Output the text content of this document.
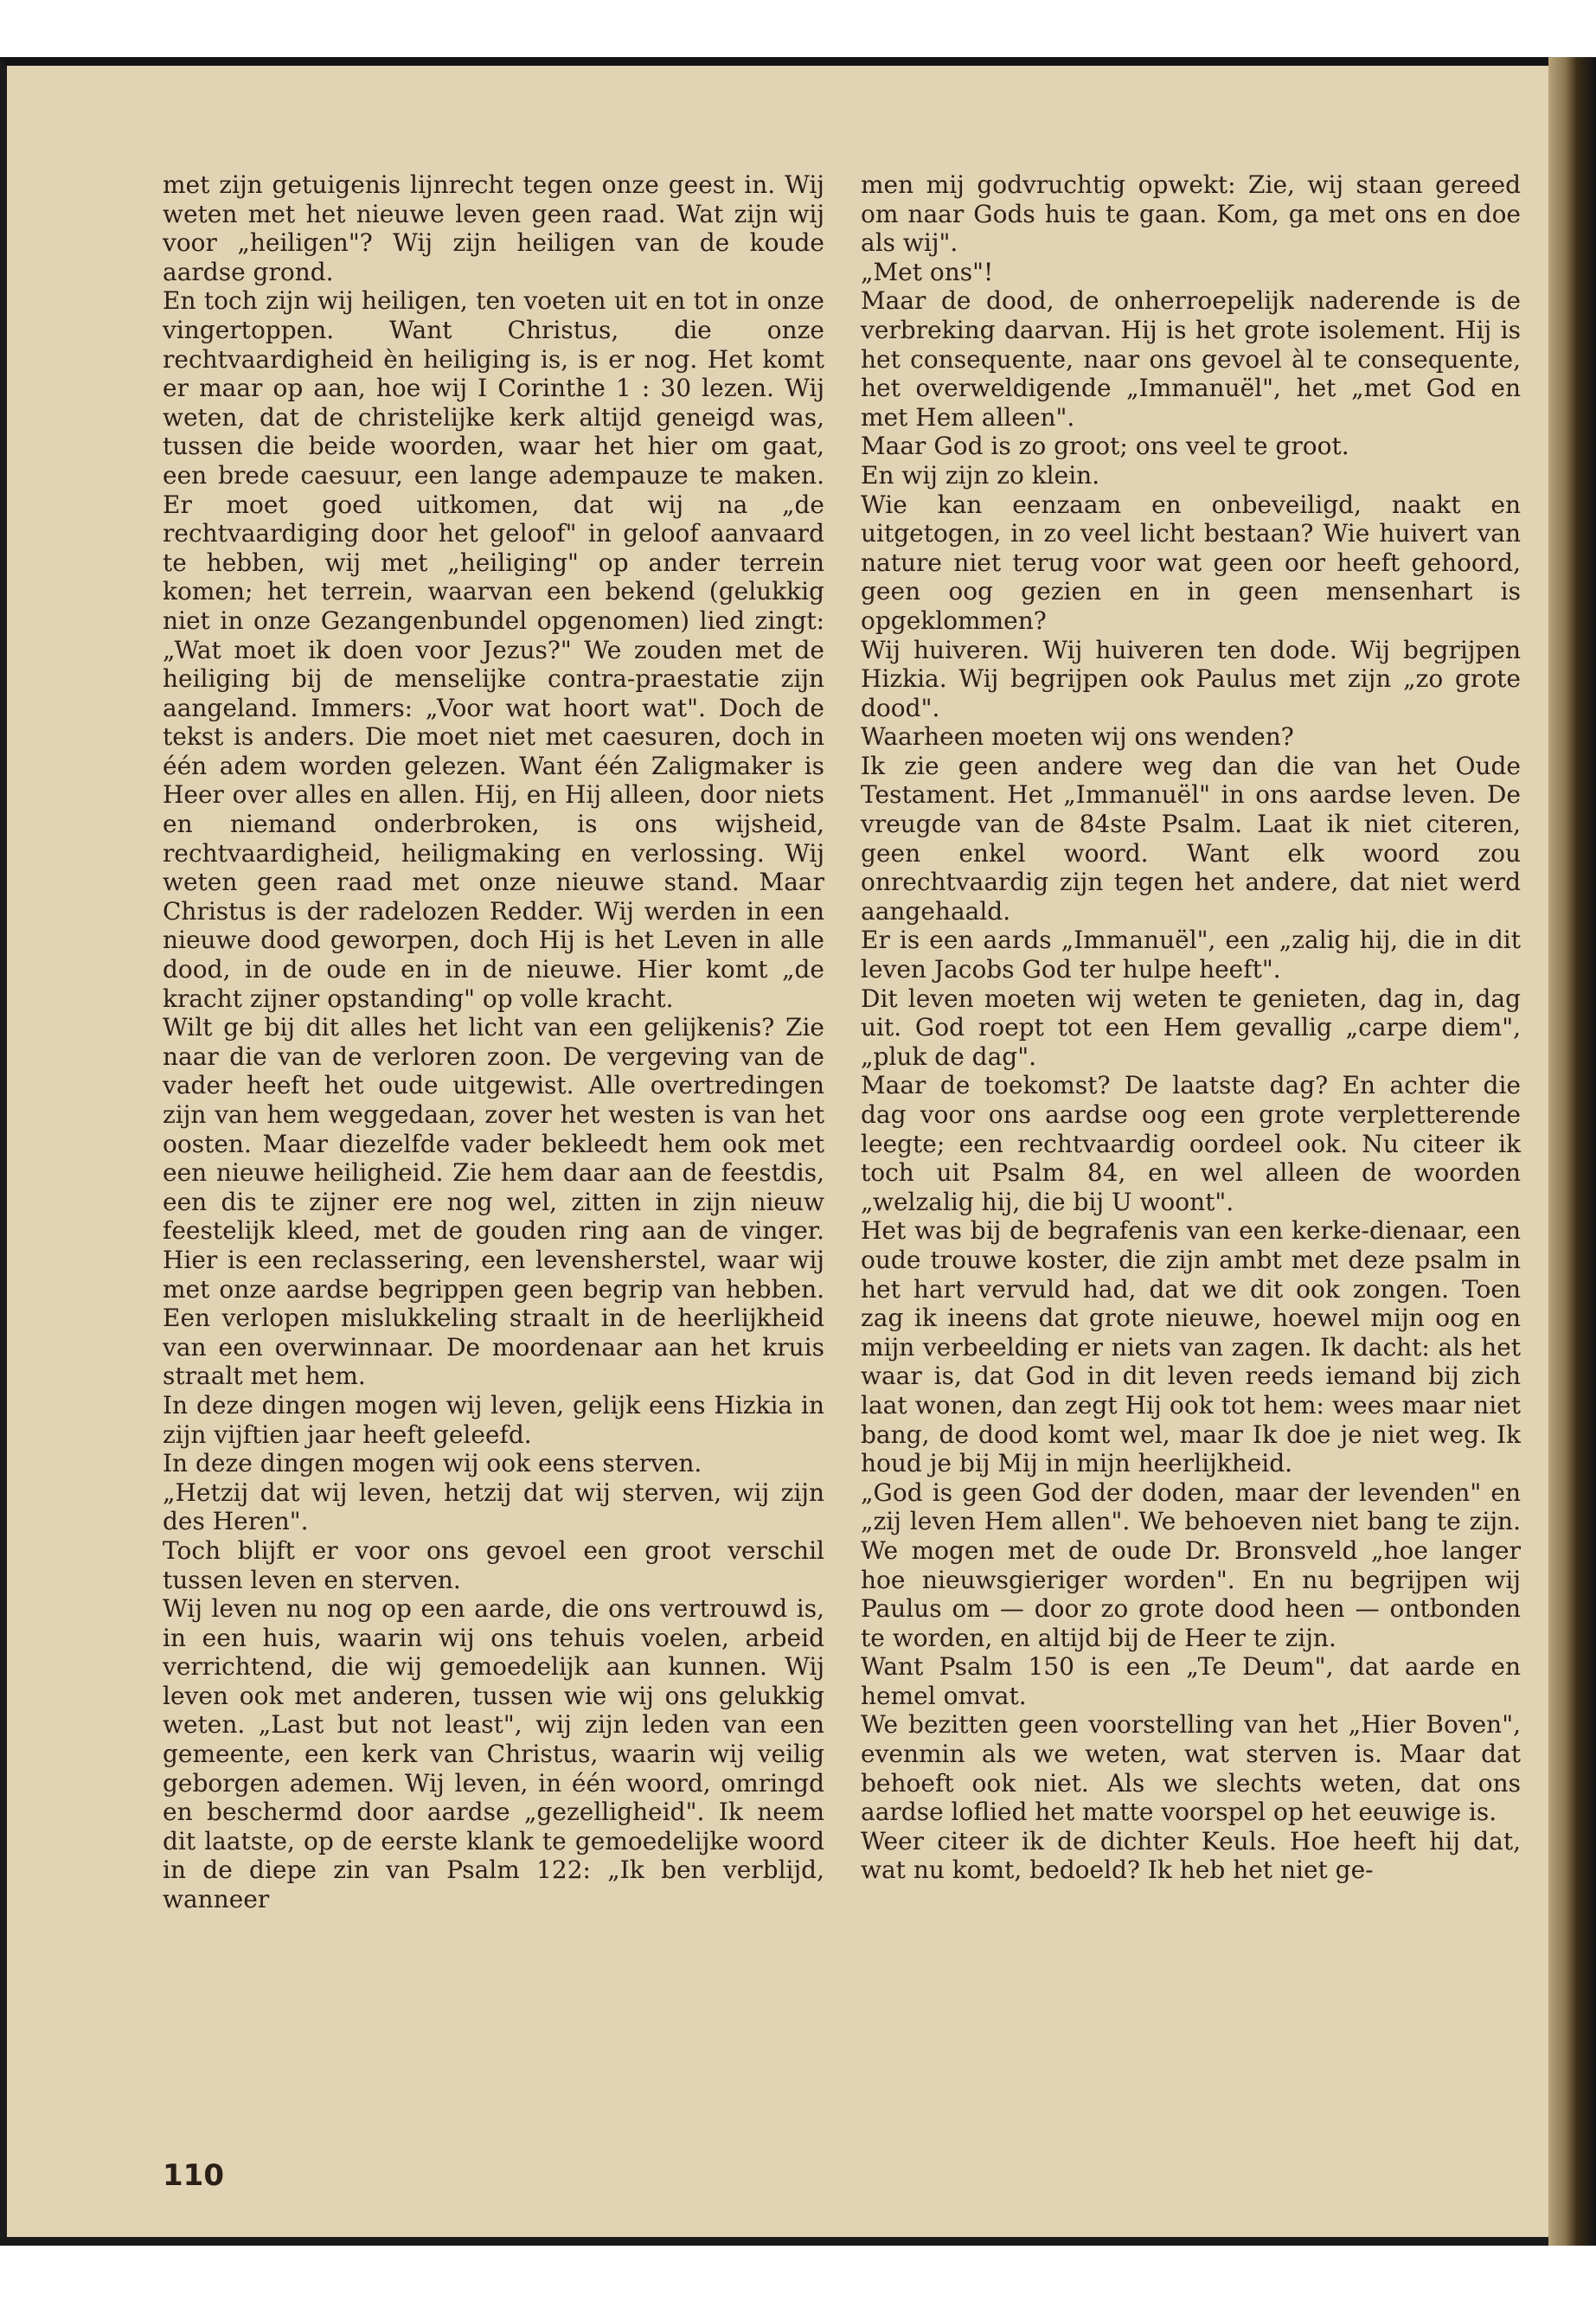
met zijn getuigenis lijnrecht tegen onze geest in. Wij weten met het nieuwe leven geen raad. Wat zijn wij voor „heiligen"? Wij zijn heiligen van de koude aardse grond.

En toch zijn wij heiligen, ten voeten uit en tot in onze vingertoppen. Want Christus, die onze rechtvaardigheid èn heiliging is, is er nog. Het komt er maar op aan, hoe wij I Corinthe 1 : 30 lezen. Wij weten, dat de christelijke kerk altijd geneigd was, tussen die beide woorden, waar het hier om gaat, een brede caesuur, een lange adempauze te maken. Er moet goed uitkomen, dat wij na „de rechtvaardiging door het geloof" in geloof aanvaard te hebben, wij met „heiliging" op ander terrein komen; het terrein, waarvan een bekend (gelukkig niet in onze Gezangenbundel opgenomen) lied zingt: „Wat moet ik doen voor Jezus?" We zouden met de heiliging bij de menselijke contra-praestatie zijn aangeland. Immers: „Voor wat hoort wat". Doch de tekst is anders. Die moet niet met caesuren, doch in één adem worden gelezen. Want één Zaligmaker is Heer over alles en allen. Hij, en Hij alleen, door niets en niemand onderbroken, is ons wijsheid, rechtvaardigheid, heiligmaking en verlossing. Wij weten geen raad met onze nieuwe stand. Maar Christus is der radelozen Redder. Wij werden in een nieuwe dood geworpen, doch Hij is het Leven in alle dood, in de oude en in de nieuwe. Hier komt „de kracht zijner opstanding" op volle kracht.

Wilt ge bij dit alles het licht van een gelijkenis? Zie naar die van de verloren zoon. De vergeving van de vader heeft het oude uitgewist. Alle overtredingen zijn van hem weggedaan, zover het westen is van het oosten. Maar diezelfde vader bekleedt hem ook met een nieuwe heiligheid. Zie hem daar aan de feestdis, een dis te zijner ere nog wel, zitten in zijn nieuw feestelijk kleed, met de gouden ring aan de vinger. Hier is een reclassering, een levensherstel, waar wij met onze aardse begrippen geen begrip van hebben. Een verlopen mislukkeling straalt in de heerlijkheid van een overwinnaar. De moordenaar aan het kruis straalt met hem.

In deze dingen mogen wij leven, gelijk eens Hizkia in zijn vijftien jaar heeft geleefd.

In deze dingen mogen wij ook eens sterven.

„Hetzij dat wij leven, hetzij dat wij sterven, wij zijn des Heren".

Toch blijft er voor ons gevoel een groot verschil tussen leven en sterven.

Wij leven nu nog op een aarde, die ons vertrouwd is, in een huis, waarin wij ons tehuis voelen, arbeid verrichtend, die wij gemoedelijk aan kunnen. Wij leven ook met anderen, tussen wie wij ons gelukkig weten. „Last but not least", wij zijn leden van een gemeente, een kerk van Christus, waarin wij veilig geborgen ademen. Wij leven, in één woord, omringd en beschermd door aardse „gezelligheid". Ik neem dit laatste, op de eerste klank te gemoedelijke woord in de diepe zin van Psalm 122: „Ik ben verblijd, wanneer

men mij godvruchtig opwekt: Zie, wij staan gereed om naar Gods huis te gaan. Kom, ga met ons en doe als wij".

„Met ons"!

Maar de dood, de onherroepelijk naderende is de verbreking daarvan. Hij is het grote isolement. Hij is het consequente, naar ons gevoel àl te consequente, het overweldigende „Immanuël", het „met God en met Hem alleen".

Maar God is zo groot; ons veel te groot.

En wij zijn zo klein.

Wie kan eenzaam en onbeveiligd, naakt en uitgetogen, in zo veel licht bestaan? Wie huivert van nature niet terug voor wat geen oor heeft gehoord, geen oog gezien en in geen mensenhart is opgeklommen?

Wij huiveren. Wij huiveren ten dode. Wij begrijpen Hizkia. Wij begrijpen ook Paulus met zijn „zo grote dood".

Waarheen moeten wij ons wenden?

Ik zie geen andere weg dan die van het Oude Testament. Het „Immanuël" in ons aardse leven. De vreugde van de 84ste Psalm. Laat ik niet citeren, geen enkel woord. Want elk woord zou onrechtvaardig zijn tegen het andere, dat niet werd aangehaald.

Er is een aards „Immanuël", een „zalig hij, die in dit leven Jacobs God ter hulpe heeft".

Dit leven moeten wij weten te genieten, dag in, dag uit. God roept tot een Hem gevallig „carpe diem", „pluk de dag".

Maar de toekomst? De laatste dag? En achter die dag voor ons aardse oog een grote verpletterende leegte; een rechtvaardig oordeel ook. Nu citeer ik toch uit Psalm 84, en wel alleen de woorden „welzalig hij, die bij U woont".

Het was bij de begrafenis van een kerke-dienaar, een oude trouwe koster, die zijn ambt met deze psalm in het hart vervuld had, dat we dit ook zongen. Toen zag ik ineens dat grote nieuwe, hoewel mijn oog en mijn verbeelding er niets van zagen. Ik dacht: als het waar is, dat God in dit leven reeds iemand bij zich laat wonen, dan zegt Hij ook tot hem: wees maar niet bang, de dood komt wel, maar Ik doe je niet weg. Ik houd je bij Mij in mijn heerlijkheid.

„God is geen God der doden, maar der levenden" en „zij leven Hem allen". We behoeven niet bang te zijn. We mogen met de oude Dr. Bronsveld „hoe langer hoe nieuwsgieriger worden". En nu begrijpen wij Paulus om — door zo grote dood heen — ontbonden te worden, en altijd bij de Heer te zijn.

Want Psalm 150 is een „Te Deum", dat aarde en hemel omvat.

We bezitten geen voorstelling van het „Hier Boven", evenmin als we weten, wat sterven is. Maar dat behoeft ook niet. Als we slechts weten, dat ons aardse loflied het matte voorspel op het eeuwige is.

Weer citeer ik de dichter Keuls. Hoe heeft hij dat, wat nu komt, bedoeld? Ik heb het niet ge-

110
